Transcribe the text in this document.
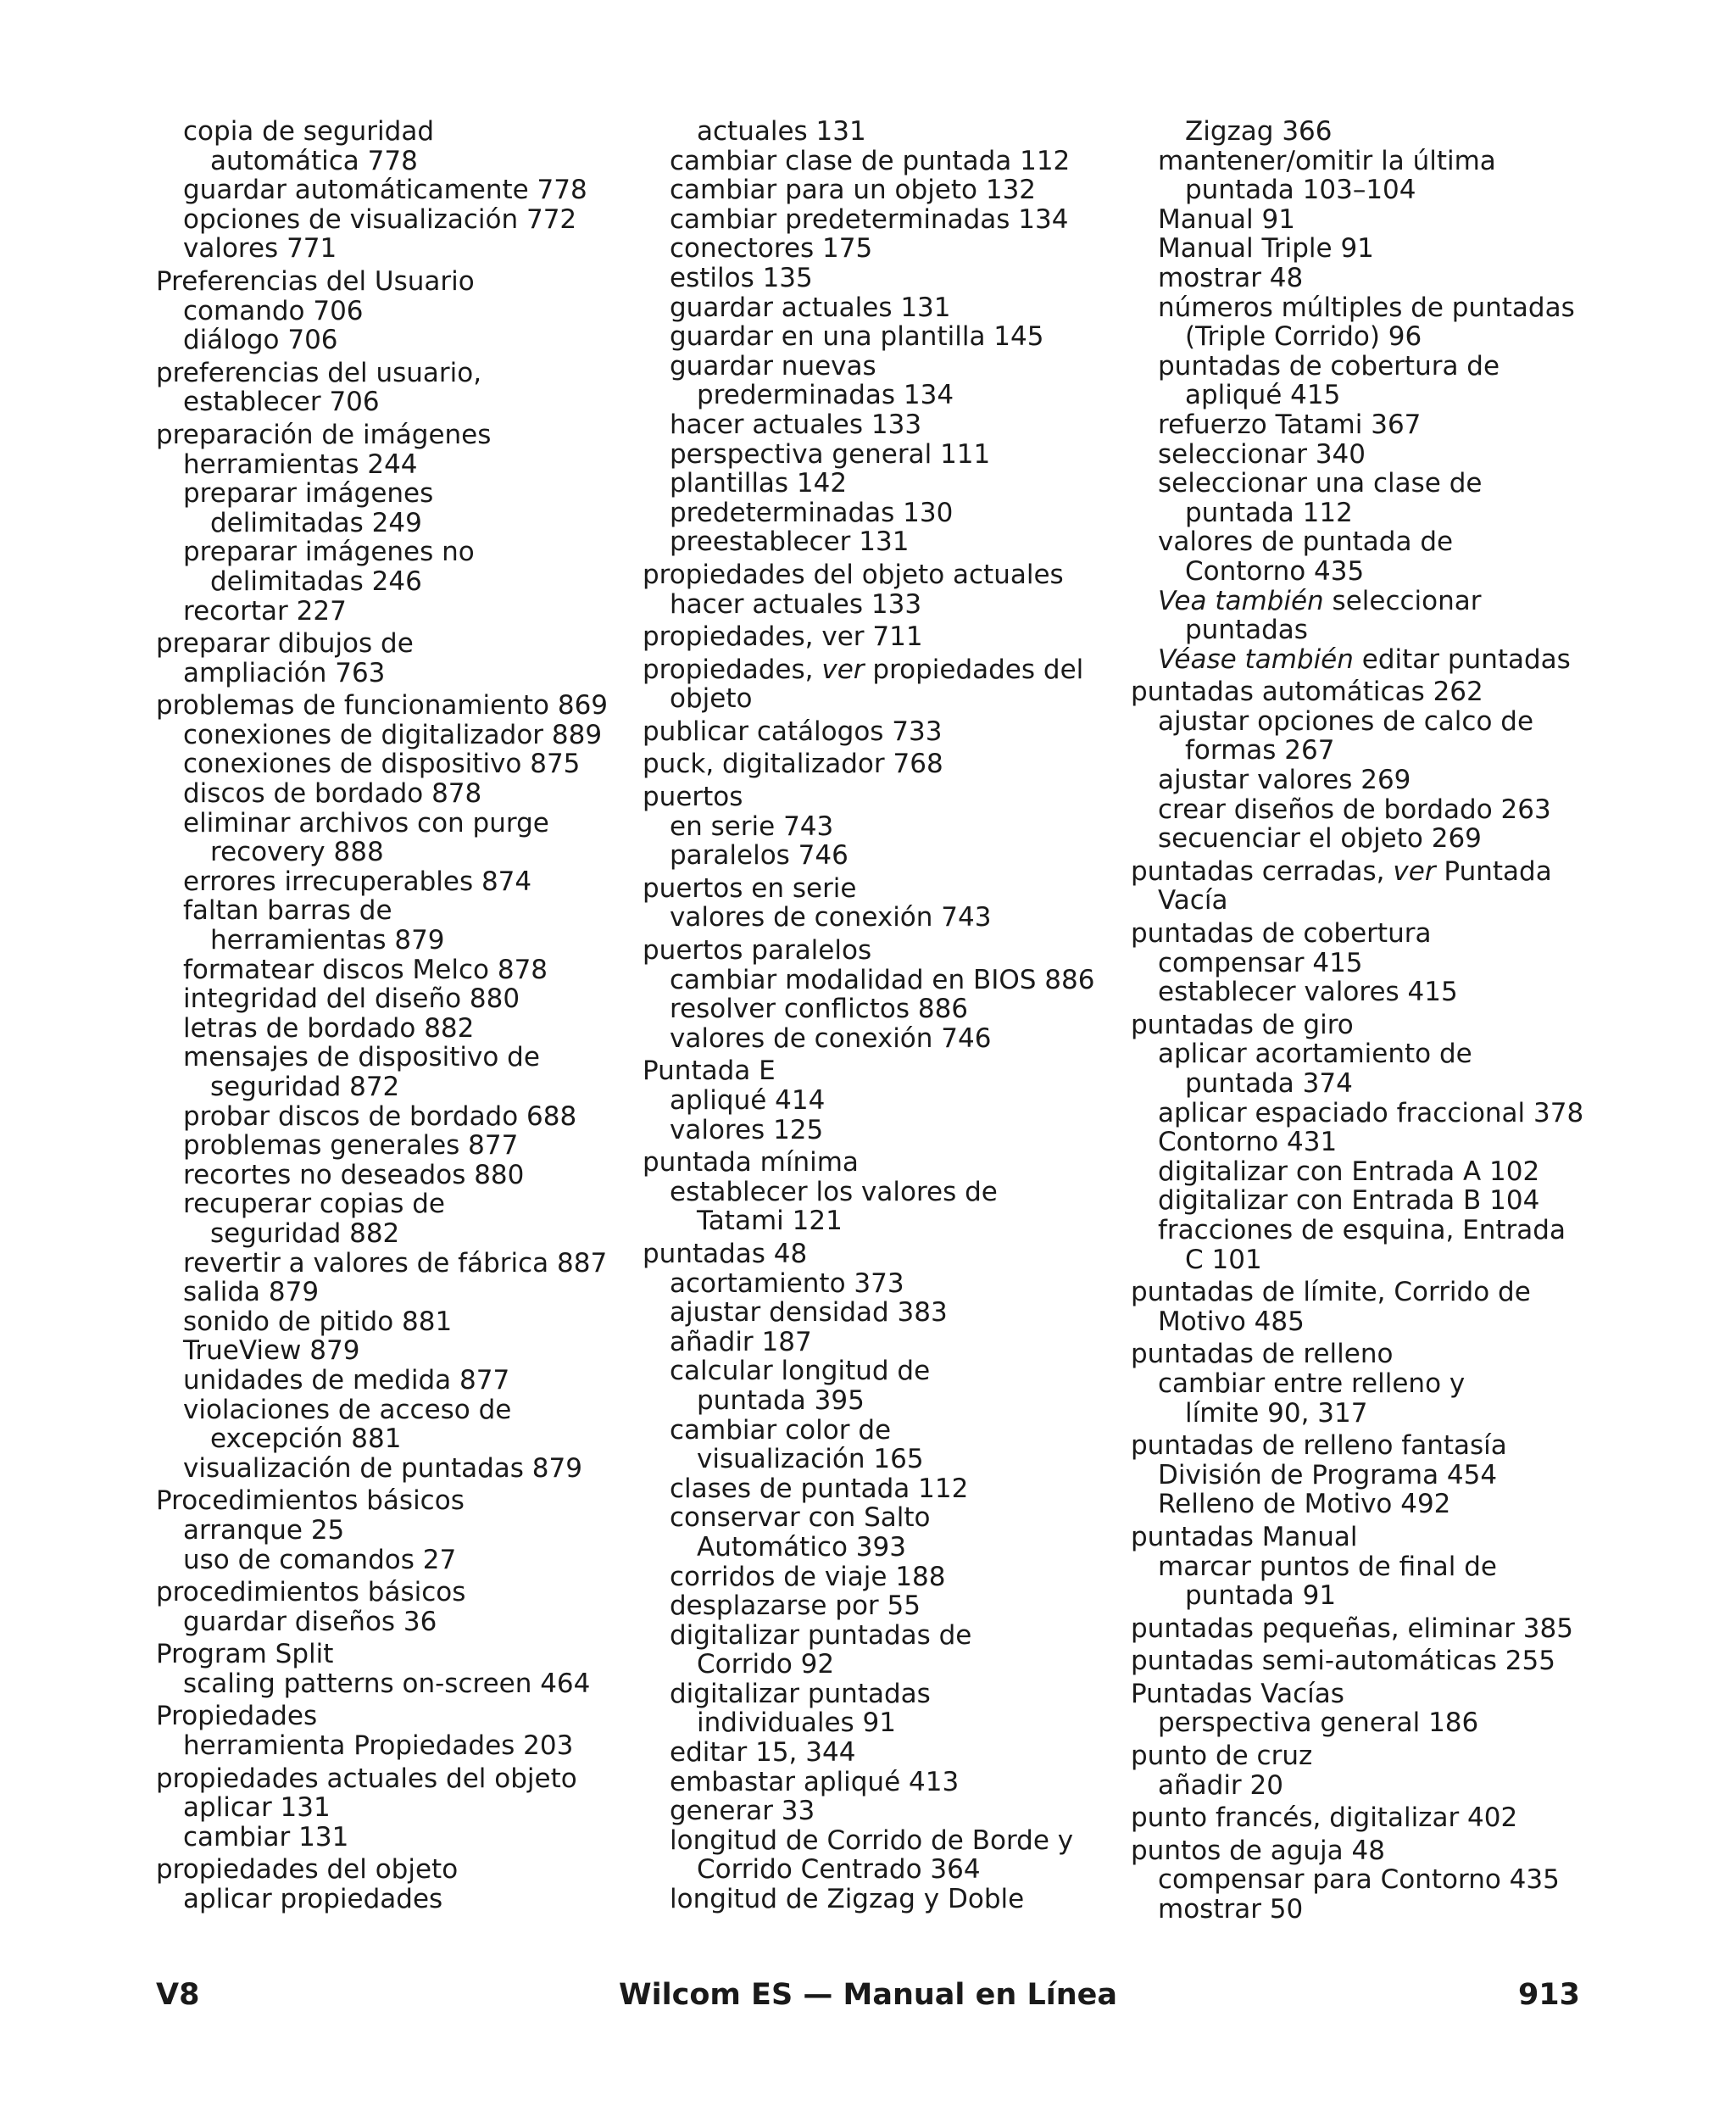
copia de seguridad
automática 778
guardar automáticamente 778
opciones de visualización 772
valores 771
Preferencias del Usuario
comando 706
diálogo 706
preferencias del usuario,
establecer 706
preparación de imágenes
herramientas 244
preparar imágenes
delimitadas 249
preparar imágenes no
delimitadas 246
recortar 227
preparar dibujos de
ampliación 763
problemas de funcionamiento 869
conexiones de digitalizador 889
conexiones de dispositivo 875
discos de bordado 878
eliminar archivos con purge
recovery 888
errores irrecuperables 874
faltan barras de
herramientas 879
formatear discos Melco 878
integridad del diseño 880
letras de bordado 882
mensajes de dispositivo de
seguridad 872
probar discos de bordado 688
problemas generales 877
recortes no deseados 880
recuperar copias de
seguridad 882
revertir a valores de fábrica 887
salida 879
sonido de pitido 881
TrueView 879
unidades de medida 877
violaciones de acceso de
excepción 881
visualización de puntadas 879
Procedimientos básicos
arranque 25
uso de comandos 27
procedimientos básicos
guardar diseños 36
Program Split
scaling patterns on-screen 464
Propiedades
herramienta Propiedades 203
propiedades actuales del objeto
aplicar 131
cambiar 131
propiedades del objeto
aplicar propiedades
actuales 131
cambiar clase de puntada 112
cambiar para un objeto 132
cambiar predeterminadas 134
conectores 175
estilos 135
guardar actuales 131
guardar en una plantilla 145
guardar nuevas
prederminadas 134
hacer actuales 133
perspectiva general 111
plantillas 142
predeterminadas 130
preestablecer 131
propiedades del objeto actuales
hacer actuales 133
propiedades, ver 711
propiedades, ver propiedades del
objeto
publicar catálogos 733
puck, digitalizador 768
puertos
en serie 743
paralelos 746
puertos en serie
valores de conexión 743
puertos paralelos
cambiar modalidad en BIOS 886
resolver conflictos 886
valores de conexión 746
Puntada E
apliqué 414
valores 125
puntada mínima
establecer los valores de
Tatami 121
puntadas 48
acortamiento 373
ajustar densidad 383
añadir 187
calcular longitud de
puntada 395
cambiar color de
visualización 165
clases de puntada 112
conservar con Salto
Automático 393
corridos de viaje 188
desplazarse por 55
digitalizar puntadas de
Corrido 92
digitalizar puntadas
individuales 91
editar 15, 344
embastar apliqué 413
generar 33
longitud de Corrido de Borde y
Corrido Centrado 364
longitud de Zigzag y Doble
Zigzag 366
mantener/omitir la última
puntada 103–104
Manual 91
Manual Triple 91
mostrar 48
números múltiples de puntadas
(Triple Corrido) 96
puntadas de cobertura de
apliqué 415
refuerzo Tatami 367
seleccionar 340
seleccionar una clase de
puntada 112
valores de puntada de
Contorno 435
Vea también seleccionar
puntadas
Véase también editar puntadas
puntadas automáticas 262
ajustar opciones de calco de
formas 267
ajustar valores 269
crear diseños de bordado 263
secuenciar el objeto 269
puntadas cerradas, ver Puntada
Vacía
puntadas de cobertura
compensar 415
establecer valores 415
puntadas de giro
aplicar acortamiento de
puntada 374
aplicar espaciado fraccional 378
Contorno 431
digitalizar con Entrada A 102
digitalizar con Entrada B 104
fracciones de esquina, Entrada
C 101
puntadas de límite, Corrido de
Motivo 485
puntadas de relleno
cambiar entre relleno y
límite 90, 317
puntadas de relleno fantasía
División de Programa 454
Relleno de Motivo 492
puntadas Manual
marcar puntos de final de
puntada 91
puntadas pequeñas, eliminar 385
puntadas semi-automáticas 255
Puntadas Vacías
perspectiva general 186
punto de cruz
añadir 20
punto francés, digitalizar 402
puntos de aguja 48
compensar para Contorno 435
mostrar 50
V8	Wilcom ES — Manual en Línea	913
